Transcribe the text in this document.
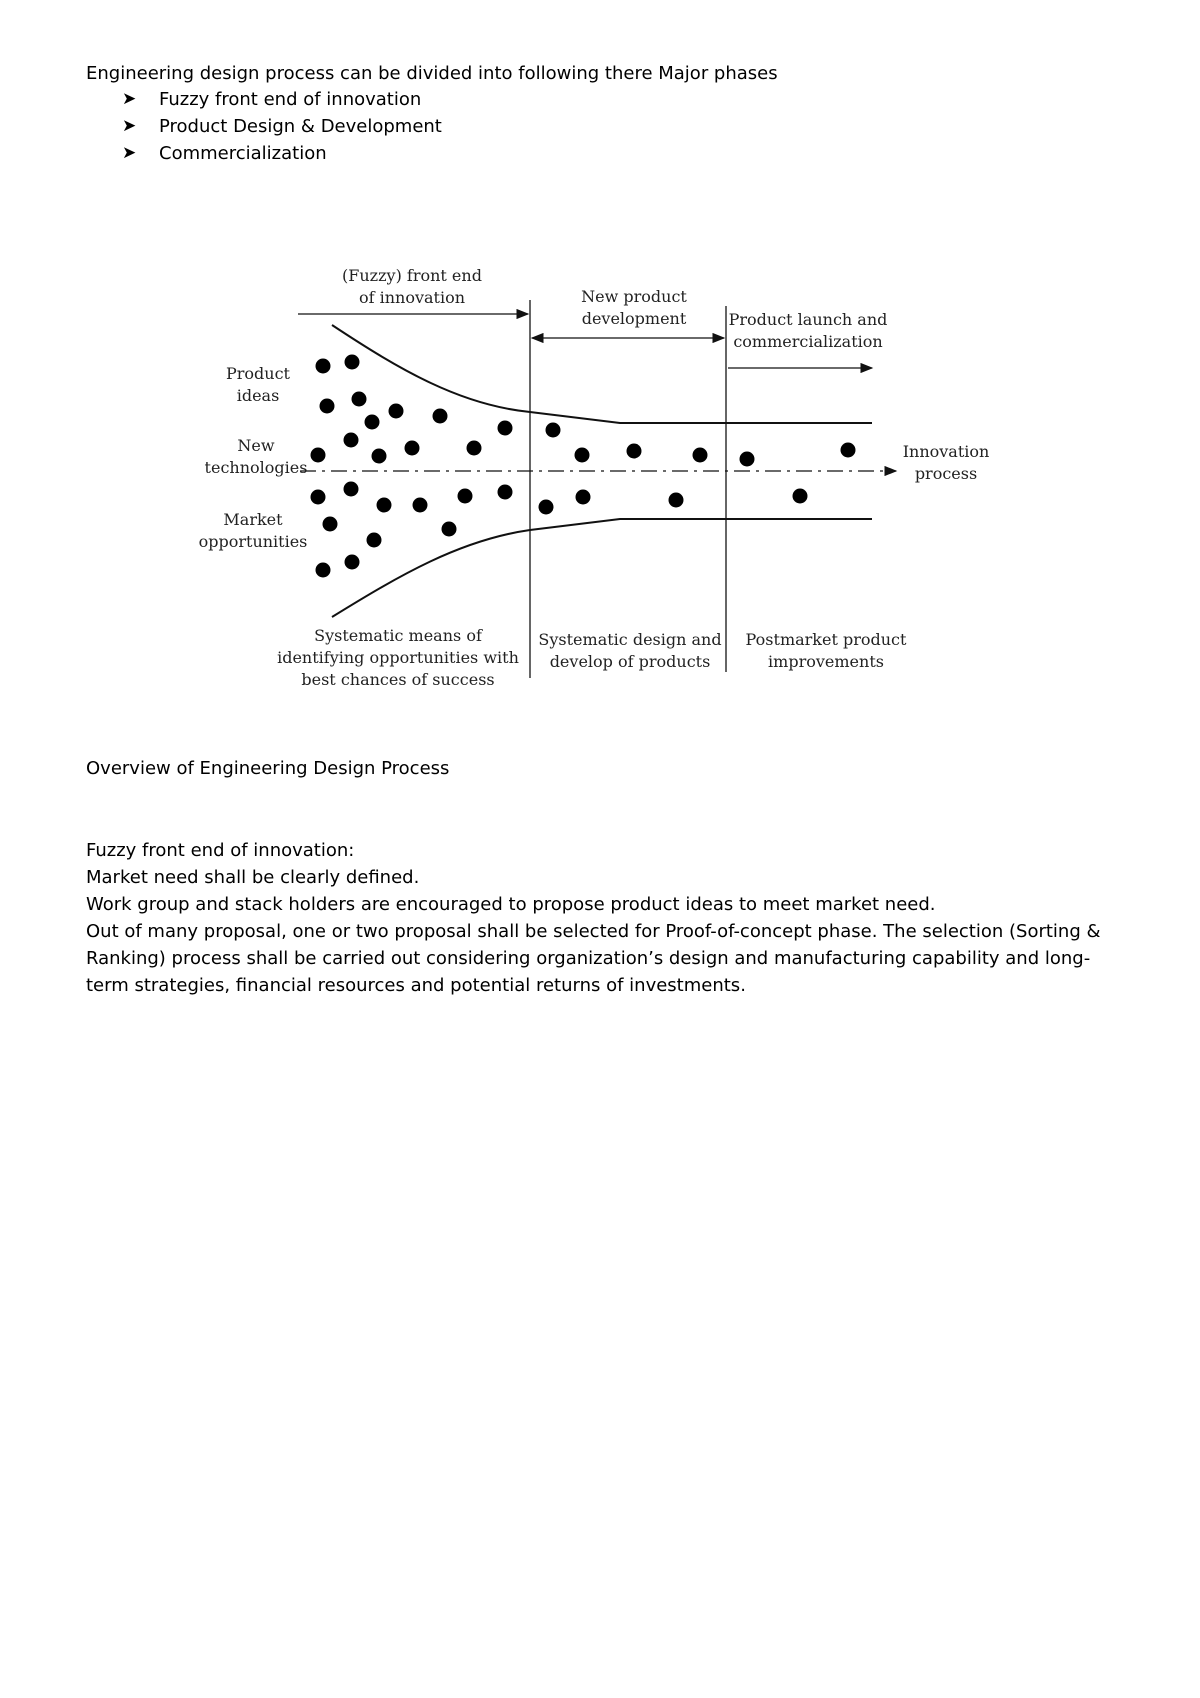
Engineering design process can be divided into following there Major phases
➤ Fuzzy front end of innovation
➤ Product Design & Development
➤ Commercialization
(Fuzzy) front end
of innovation	New product
development	Product launch and
commercialization
Product
ideas
New
technologies
Market
opportunities
Innovation
process
Systematic means of
identifying opportunities with
best chances of success
Systematic design and
develop of products
Postmarket product
improvements
Overview of Engineering Design Process

Fuzzy front end of innovation:

Market need shall be clearly defined.

Work group and stack holders are encouraged to propose product ideas to meet market need.

Out of many proposal, one or two proposal shall be selected for Proof-of-concept phase. The selection (Sorting & Ranking) process shall be carried out considering organization’s design and manufacturing capability and long-term strategies, financial resources and potential returns of investments.
